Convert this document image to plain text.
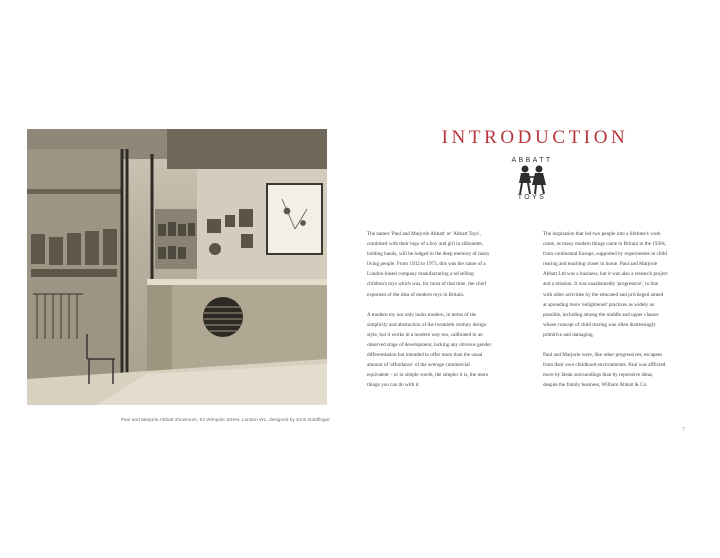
Paul and Marjorie Abbatt showroom, 94 Wimpole Street, London W1, designed by Ernö Goldfinger
INTRODUCTION
ABBATT
TOYS

The names 'Paul and Marjorie Abbatt' or 'Abbatt Toys', combined with their logo of a boy and girl in silhouette, holding hands, will be lodged in the deep memory of many living people. From 1932 to 1973, this was the name of a London-based company manufacturing a nd selling children's toys which was, for most of that time, the chief exponent of the idea of modern toys in Britain.

A modern toy not only looks modern, in terms of the simplicity and abstraction of the twentieth century design style, but it works in a modern way too, calibrated to an observed stage of development, lacking any obvious gender differentiation but intended to offer more than the usual amount of 'affordance' of the average commercial equivalent – or in simple words, the simpler it is, the more things you can do with it.

The inspiration that led two people into a lifetime's work came, as many modern things came to Britain in the 1930s, from continental Europe, supported by experiments in child rearing and teaching closer to home. Paul and Marjorie Abbatt Ltd was a business, but it was also a research project and a mission. It was unashamedly 'progressive', in line with other activities by the educated and privileged aimed at spreading more 'enlightened' practices as widely as possible, including among the middle and upper classes whose concept of child rearing was often distressingly primitive and damaging.

Paul and Marjorie were, like other progressives, escapees from their own childhood environments. Paul was afflicted more by bleak surroundings than by repressive ideas, despite the family business, William Abbatt & Co.

7
